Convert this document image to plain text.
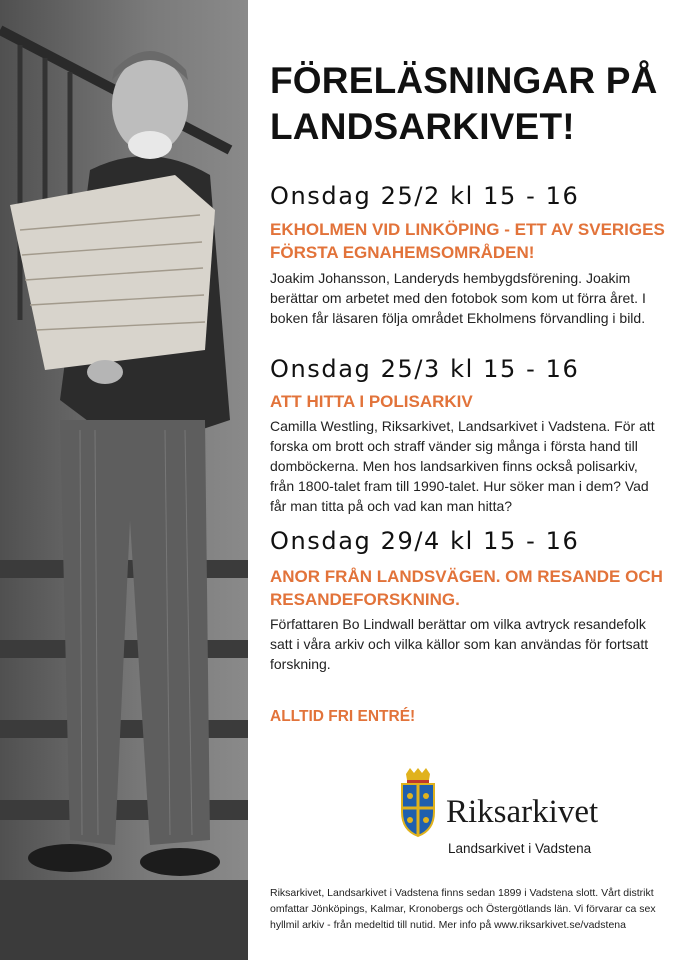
FÖRELÄSNINGAR PÅ LANDSARKIVET!
Onsdag 25/2 kl 15 - 16
EKHOLMEN VID LINKÖPING - ETT AV SVERIGES FÖRSTA EGNAHEMSOMRÅDEN!
Joakim Johansson, Landeryds hembygdsförening. Joakim berättar om arbetet med den fotobok som kom ut förra året. I boken får läsaren följa området Ekholmens förvandling i bild.
Onsdag 25/3 kl 15 - 16
ATT HITTA I POLISARKIV
Camilla Westling, Riksarkivet, Landsarkivet i Vadstena. För att forska om brott och straff vänder sig många i första hand till domböckerna. Men hos landsarkiven finns också polisarkiv, från 1800-talet fram till 1990-talet. Hur söker man i dem? Vad får man titta på och vad kan man hitta?
Onsdag 29/4 kl 15 - 16
ANOR FRÅN LANDSVÄGEN. OM RESANDE OCH RESANDEFORSKNING.
Författaren Bo Lindwall berättar om vilka avtryck resandefolk satt i våra arkiv och vilka källor som kan användas för fortsatt forskning.
ALLTID FRI ENTRÉ!
Riksarkivet
Landsarkivet i Vadstena
Riksarkivet, Landsarkivet i Vadstena finns sedan 1899 i Vadstena slott. Vårt distrikt omfattar Jönköpings, Kalmar, Kronobergs och Östergötlands län. Vi förvarar ca sex hyllmil arkiv - från medeltid till nutid. Mer info på www.riksarkivet.se/vadstena
